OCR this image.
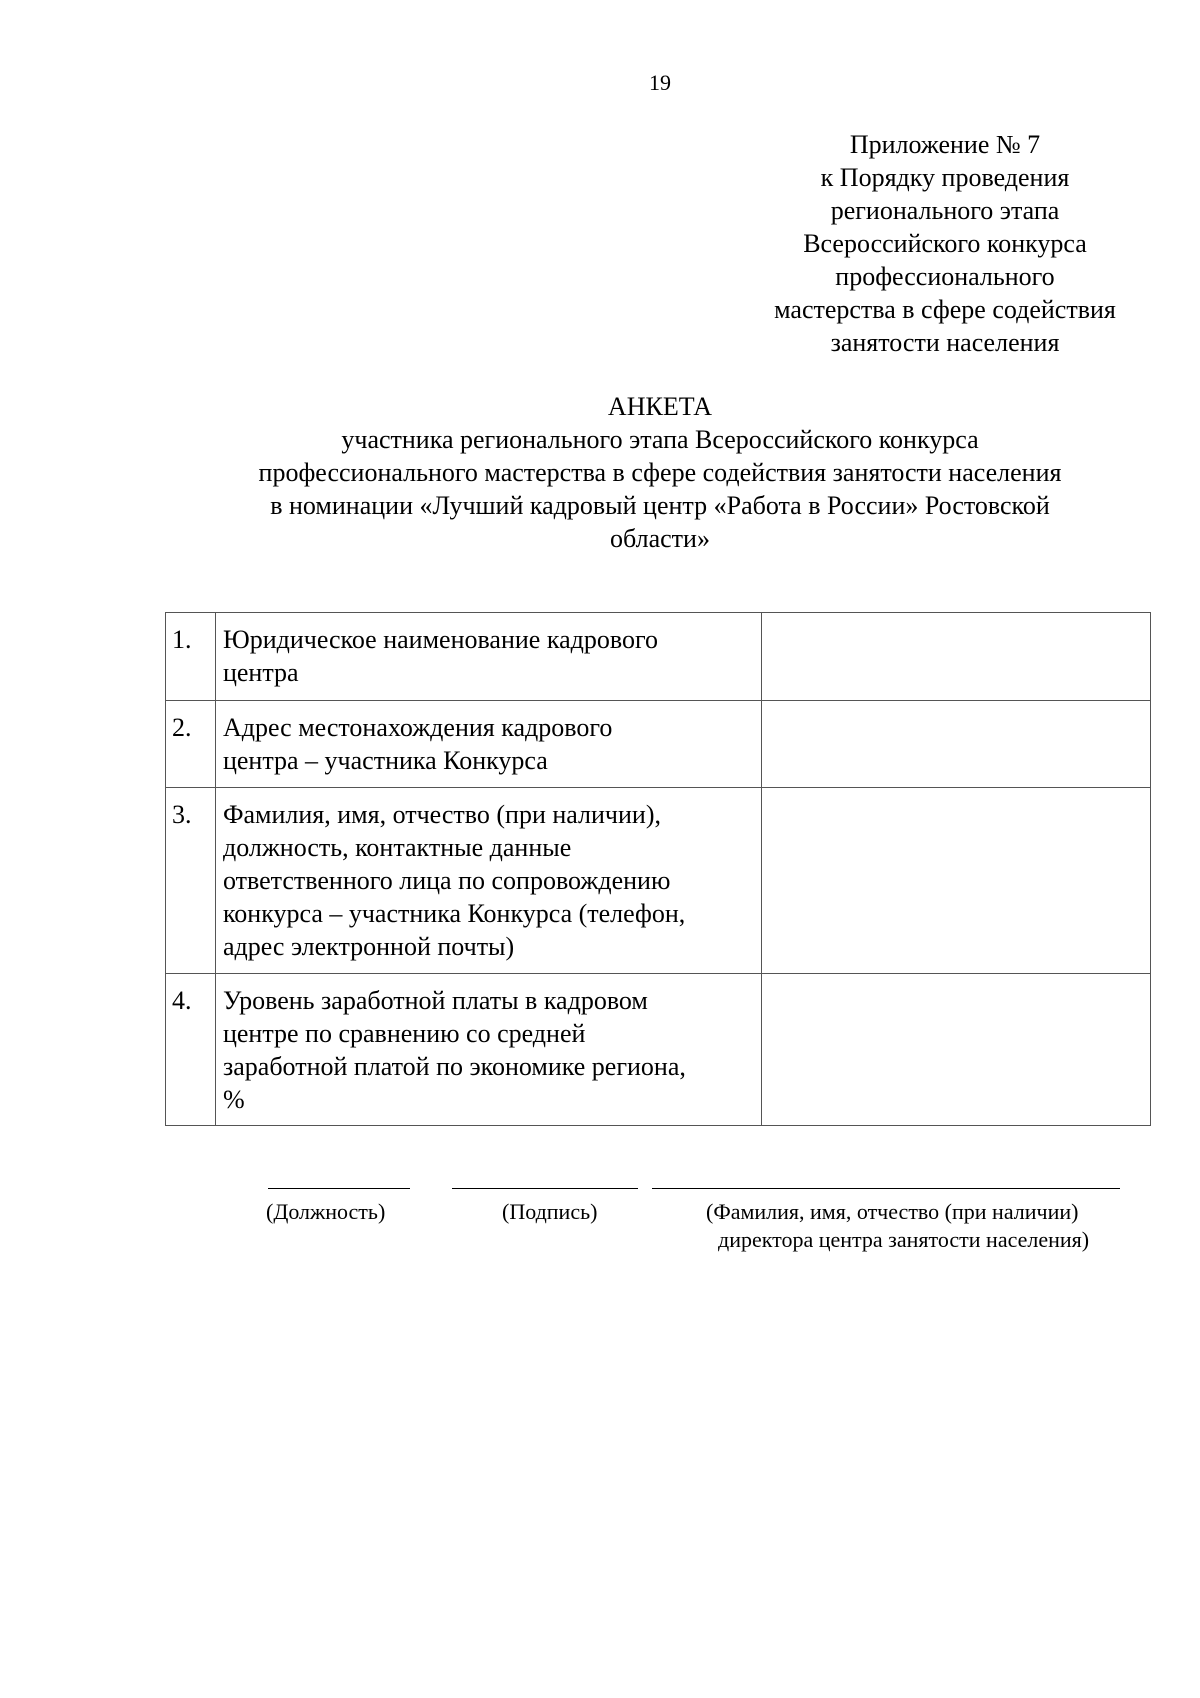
19
Приложение № 7
к Порядку проведения
регионального этапа
Всероссийского конкурса
профессионального
мастерства в сфере содействия
занятости населения
АНКЕТА
участника регионального этапа Всероссийского конкурса
профессионального мастерства в сфере содействия занятости населения
в номинации «Лучший кадровый центр «Работа в России» Ростовской
области»
1.	Юридическое наименование кадрового
центра	

2.	Адрес местонахождения кадрового
центра – участника Конкурса	

3.	Фамилия, имя, отчество (при наличии),
должность, контактные данные
ответственного лица по сопровождению
конкурса – участника Конкурса (телефон,
адрес электронной почты)	

4.	Уровень заработной платы в кадровом
центре по сравнению со средней
заработной платой по экономике региона,
%	

(Должность)	(Подпись)	(Фамилия, имя, отчество (при наличии)
директора центра занятости населения)
